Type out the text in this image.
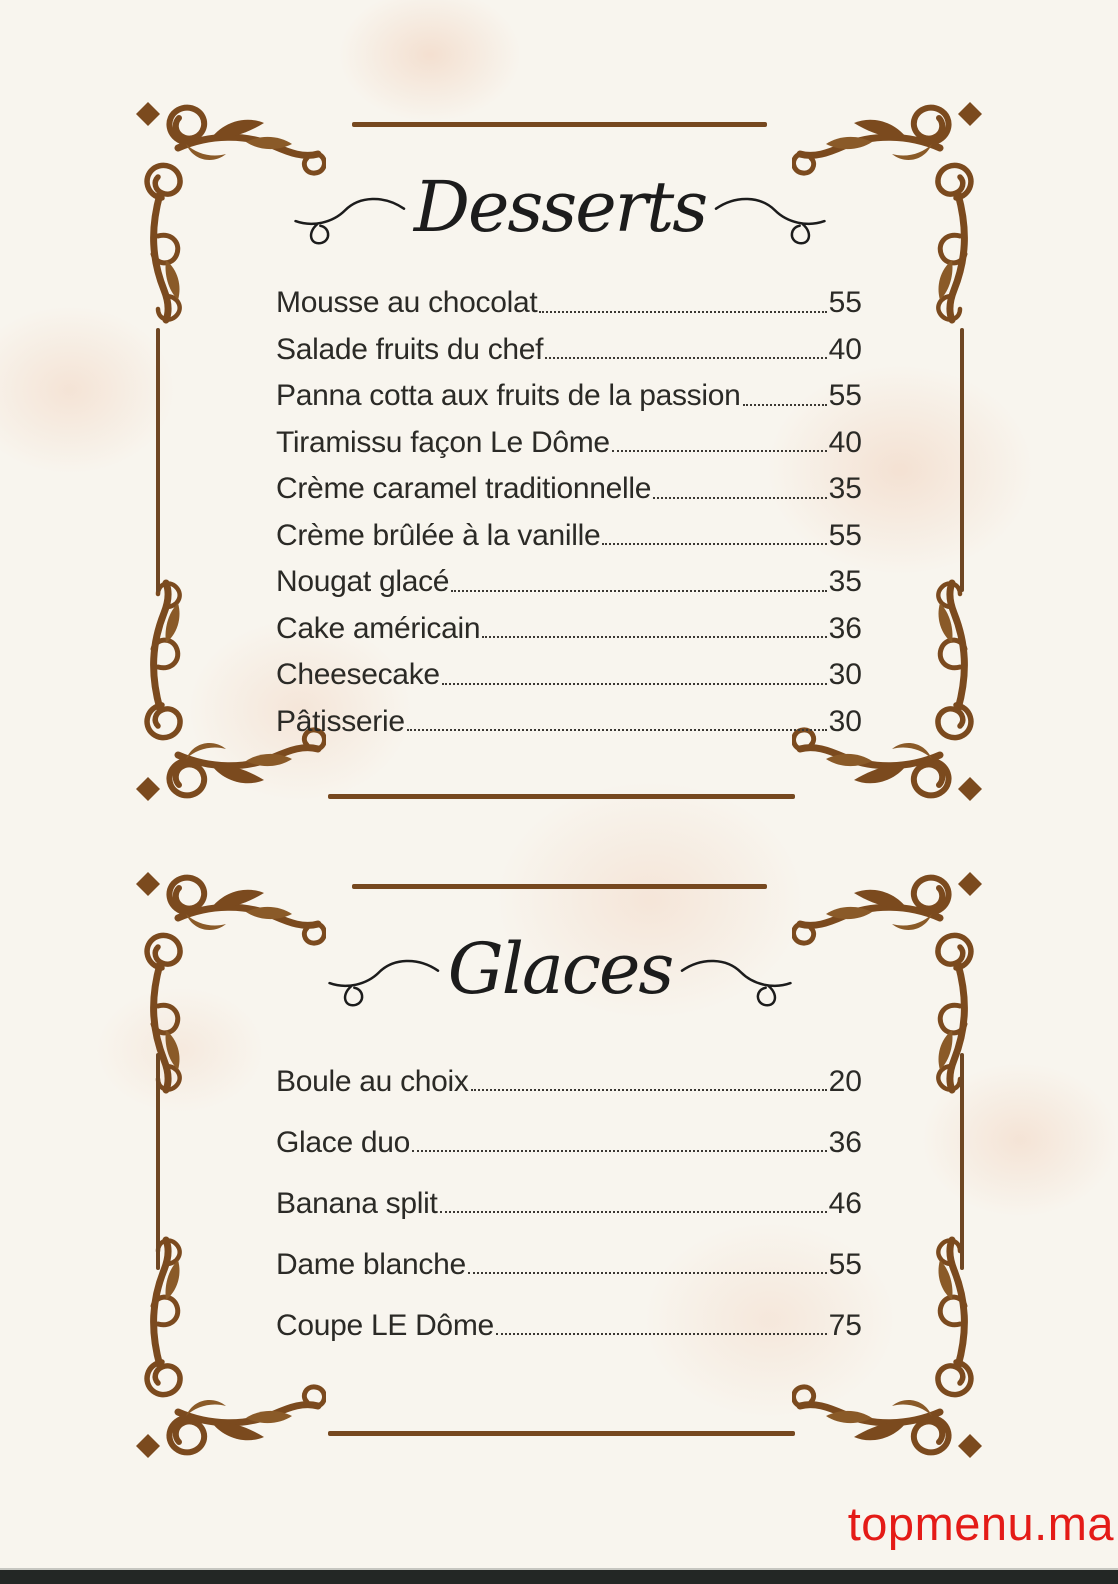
Desserts
Mousse au chocolat	55
Salade fruits du chef	40
Panna cotta aux fruits de la passion	55
Tiramissu façon Le Dôme	40
Crème caramel traditionnelle	35
Crème brûlée à la vanille	55
Nougat glacé	35
Cake américain	36
Cheesecake	30
Pâtisserie	30
Glaces
Boule au choix	20
Glace duo	36
Banana split	46
Dame blanche	55
Coupe LE Dôme	75
topmenu.ma
